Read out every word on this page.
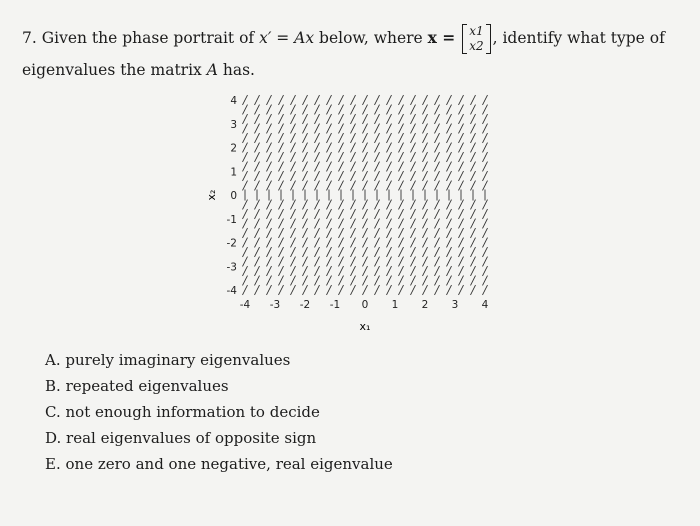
7. Given the phase portrait of x′ = Ax below, where x = x1
x2 , identify what type of
eigenvalues the matrix A has.
-4 -3 -2 -1 0 1 2 3 4
4
3
2
1
0
-1
-2
-3
-4
x₁
x₂
A. purely imaginary eigenvalues
B. repeated eigenvalues
C. not enough information to decide
D. real eigenvalues of opposite sign
E. one zero and one negative, real eigenvalue
